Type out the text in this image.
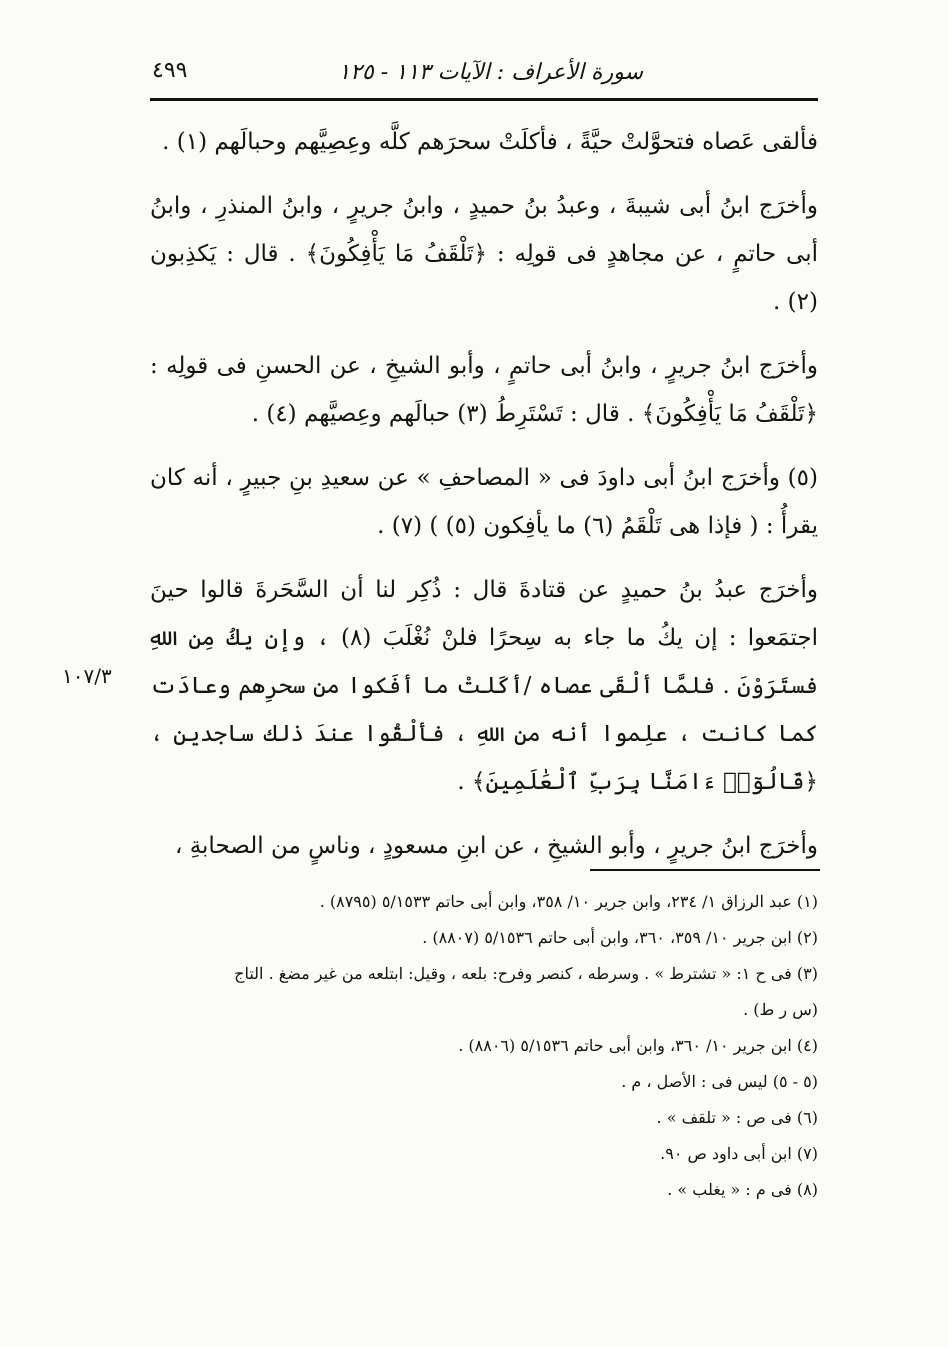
سورة الأعراف : الآيات ١١٣ - ١٢٥
٤٩٩

فألقى عَصاه فتحوَّلتْ حيَّةً ، فأكلَتْ سحرَهم كلَّه وعِصِيَّهم وحبالَهم (١) .

وأخرَج ابنُ أبى شيبةَ ، وعبدُ بنُ حميدٍ ، وابنُ جريرٍ ، وابنُ المنذرِ ، وابنُ أبى حاتمٍ ، عن مجاهدٍ فى قولِه : ﴿تَلْقَفُ مَا يَأْفِكُونَ﴾ . قال : يَكذِبون (٢) .

وأخرَج ابنُ جريرٍ ، وابنُ أبى حاتمٍ ، وأبو الشيخِ ، عن الحسنِ فى قولِه : ﴿تَلْقَفُ مَا يَأْفِكُونَ﴾ . قال : تَسْتَرِطُ (٣) حبالَهم وعِصيَّهم (٤) .

(٥) وأخرَج ابنُ أبى داودَ فى « المصاحفِ » عن سعيدِ بنِ جبيرٍ ، أنه كان يقرأُ : ( فإذا هى تَلْقَمُ (٦) ما يأفِكون (٥) ) (٧) .

وأخرَج عبدُ بنُ حميدٍ عن قتادةَ قال : ذُكِر لنا أن السَّحَرةَ قالوا حينَ اجتمَعوا : إن يكُ ما جاء به سِحرًا فلنْ نُغْلَبَ (٨) ، وإن يكُ مِن اللهِ فستَرَوْنَ . فلمَّا ألْقَى عصاه /أكَلتْ ما أفَكوا من سحرِهم وعادَت كما كانت ، علِموا أنه من اللهِ ، فألْقُوا عندَ ذلك ساجدين ، ﴿قَالُوٓا۟ ءَامَنَّا بِرَبِّ ٱلْعَٰلَمِينَ﴾ .

وأخرَج ابنُ جريرٍ ، وأبو الشيخِ ، عن ابنِ مسعودٍ ، وناسٍ من الصحابةِ ،

١٠٧/٣
(١) عبد الرزاق ١/ ٢٣٤، وابن جرير ١٠/ ٣٥٨، وابن أبى حاتم ٥/١٥٣٣ (٨٧٩٥) .
(٢) ابن جرير ١٠/ ٣٥٩، ٣٦٠، وابن أبى حاتم ٥/١٥٣٦ (٨٨٠٧) .
(٣) فى ح ١: « تشترط » . وسرطه ، كنصر وفرح: بلعه ، وقيل: ابتلعه من غير مضغ . التاج
(س ر ط) .
(٤) ابن جرير ١٠/ ٣٦٠، وابن أبى حاتم ٥/١٥٣٦ (٨٨٠٦) .
(٥ - ٥) ليس فى : الأصل ، م .
(٦) فى ص : « تلقف » .
(٧) ابن أبى داود ص ٩٠.
(٨) فى م : « يغلب » .
